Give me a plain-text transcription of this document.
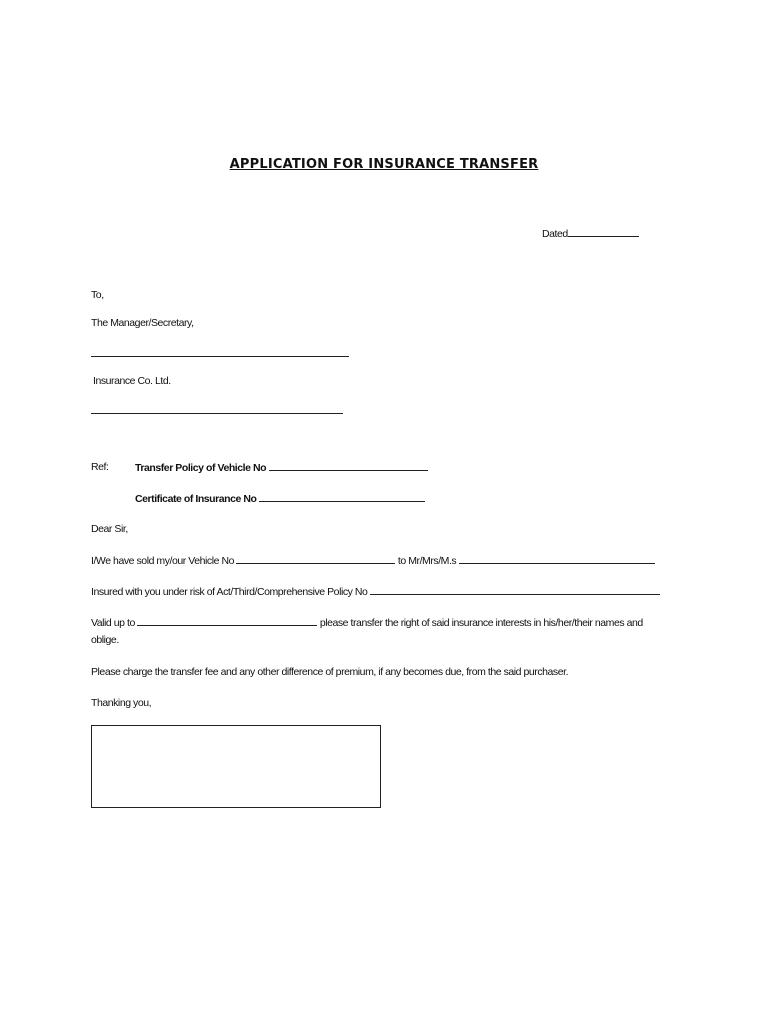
APPLICATION FOR INSURANCE TRANSFER
Dated
To,
The Manager/Secretary,
Insurance Co. Ltd.
Ref:	Transfer Policy of Vehicle No
Certificate of Insurance No
Dear Sir,
I/We have sold my/our Vehicle No	to Mr/Mrs/M.s
Insured with you under risk of Act/Third/Comprehensive Policy No
Valid up to	please transfer the right of said insurance interests in his/her/their names and
oblige.
Please charge the transfer fee and any other difference of premium, if any becomes due, from the said purchaser.
Thanking you,
